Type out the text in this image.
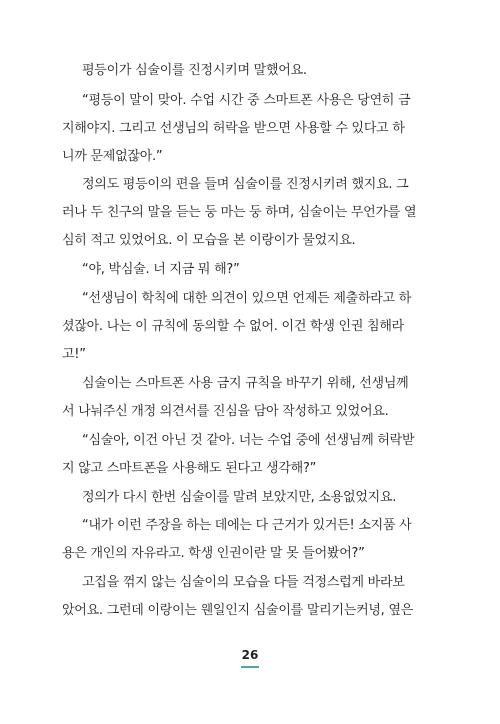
평등이가 심술이를 진정시키며 말했어요.
“평등이 말이 맞아. 수업 시간 중 스마트폰 사용은 당연히 금
지해야지. 그리고 선생님의 허락을 받으면 사용할 수 있다고 하
니까 문제없잖아.”
정의도 평등이의 편을 들며 심술이를 진정시키려 했지요. 그
러나 두 친구의 말을 듣는 둥 마는 둥 하며, 심술이는 무언가를 열
심히 적고 있었어요. 이 모습을 본 이랑이가 물었지요.
“야, 박심술. 너 지금 뭐 해?”
“선생님이 학칙에 대한 의견이 있으면 언제든 제출하라고 하
셨잖아. 나는 이 규칙에 동의할 수 없어. 이건 학생 인권 침해라
고!”
심술이는 스마트폰 사용 금지 규칙을 바꾸기 위해, 선생님께
서 나눠주신 개정 의견서를 진심을 담아 작성하고 있었어요.
“심술아, 이건 아닌 것 같아. 너는 수업 중에 선생님께 허락받
지 않고 스마트폰을 사용해도 된다고 생각해?”
정의가 다시 한번 심술이를 말려 보았지만, 소용없었지요.
“내가 이런 주장을 하는 데에는 다 근거가 있거든! 소지품 사
용은 개인의 자유라고. 학생 인권이란 말 못 들어봤어?”
고집을 꺾지 않는 심술이의 모습을 다들 걱정스럽게 바라보
았어요. 그런데 이랑이는 웬일인지 심술이를 말리기는커녕, 옆은
26
